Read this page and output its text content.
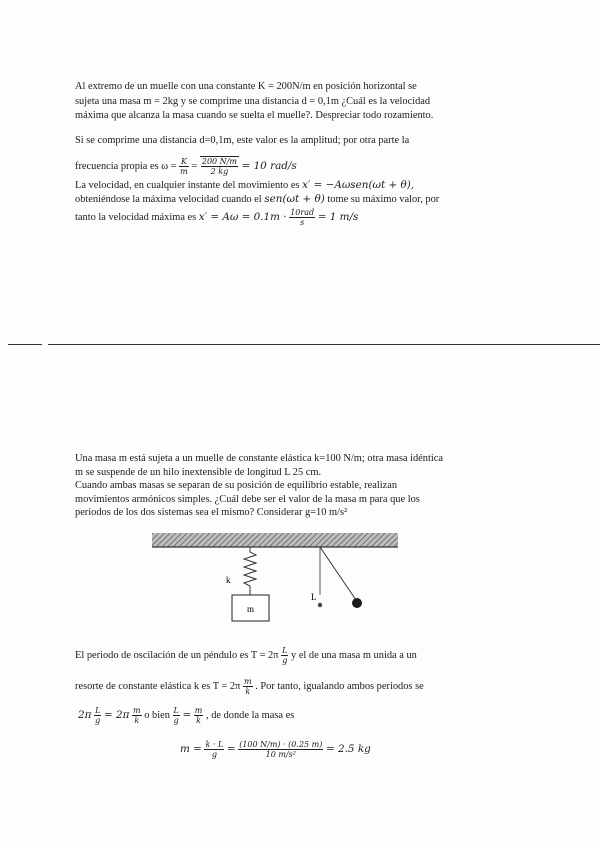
Al extremo de un muelle con una constante K = 200N/m en posición horizontal se
sujeta una masa m = 2kg y se comprime una distancia d = 0,1m ¿Cuál es la velocidad
máxima que alcanza la masa cuando se suelta el muelle?. Despreciar todo rozamiento.
Si se comprime una distancia d=0,1m, este valor es la amplitud; por otra parte la
frecuencia propia es $\omega = \frac{K}{m} = \frac{200 N/m}{2 kg} = 10$ rad/s
La velocidad, en cualquier instante del movimiento es x′ = −Aωsen(ωt + θ),
obteniéndose la máxima velocidad cuando el sen(ωt + θ) tome su máximo valor, por
tanto la velocidad máxima es $x' = A\omega = 0.1m \cdot \frac{\text{10rad}}{s} = 1$ m/s
Una masa m está sujeta a un muelle de constante elástica k=100 N/m; otra masa idéntica
m se suspende de un hilo inextensible de longitud L 25 cm.
Cuando ambas masas se separan de su posición de equilibrio estable, realizan
movimientos armónicos simples. ¿Cuál debe ser el valor de la masa m para que los
periodos de los dos sistemas sea el mismo? Considerar g=10 m/s²
m
k
L
El periodo de oscilación de un péndulo es $T = 2\pi \frac{L}{g}$ y el de una masa m unida a un
resorte de constante elástica k es $T = 2\pi \frac{m}{k}$ . Por tanto, igualando ambos periodos se
$2\pi \frac{L}{g} = 2\pi \frac{m}{k}$ o bien $\frac{L}{g} = \frac{m}{k}$ , de donde la masa es
$m = \frac{k \cdot L}{g} = \frac{(100 N/m) \cdot (0.25 m)}{\text{10 m/s²}} = 2.5$ kg
